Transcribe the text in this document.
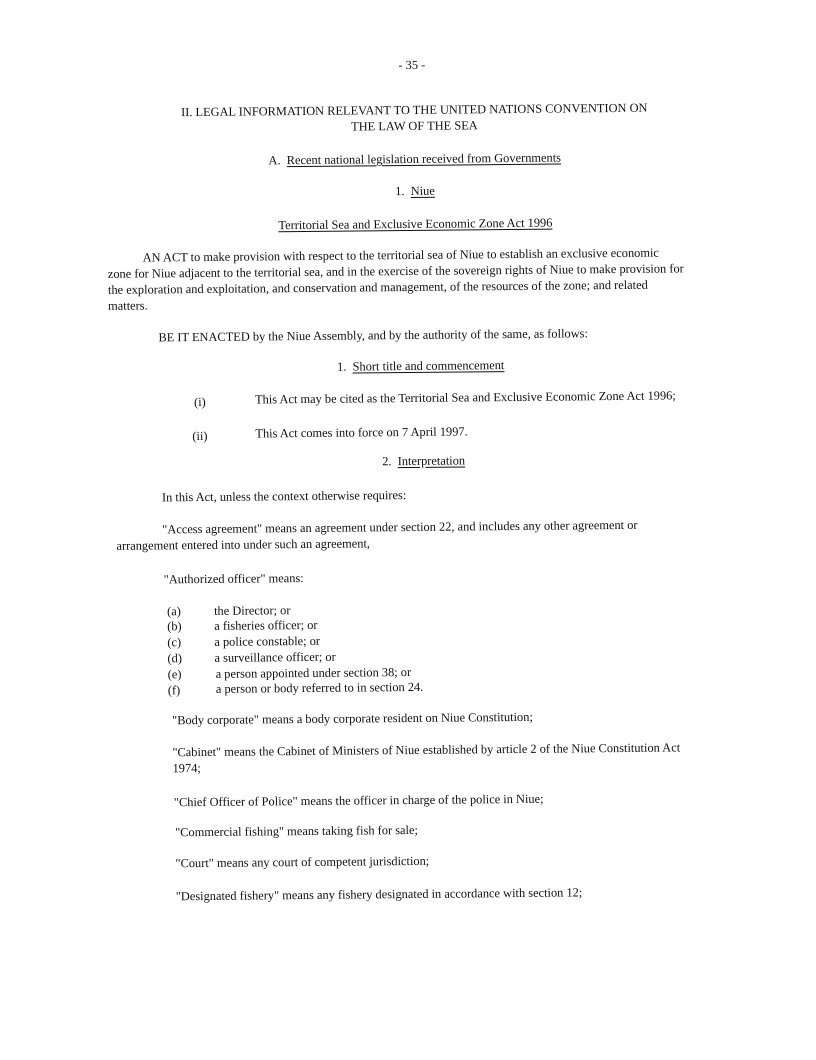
- 35 -
II. LEGAL INFORMATION RELEVANT TO THE UNITED NATIONS CONVENTION ON
THE LAW OF THE SEA
A. Recent national legislation received from Governments
1. Niue
Territorial Sea and Exclusive Economic Zone Act 1996
AN ACT to make provision with respect to the territorial sea of Niue to establish an exclusive economic
zone for Niue adjacent to the territorial sea, and in the exercise of the sovereign rights of Niue to make provision for
the exploration and exploitation, and conservation and management, of the resources of the zone; and related
matters.
BE IT ENACTED by the Niue Assembly, and by the authority of the same, as follows:
1. Short title and commencement
(i)	This Act may be cited as the Territorial Sea and Exclusive Economic Zone Act 1996;
(ii)	This Act comes into force on 7 April 1997.
2. Interpretation
In this Act, unless the context otherwise requires:
"Access agreement" means an agreement under section 22, and includes any other agreement or
arrangement entered into under such an agreement,
"Authorized officer" means:
(a)	the Director; or
(b)	a fisheries officer; or
(c)	a police constable; or
(d)	a surveillance officer; or
(e)	a person appointed under section 38; or
(f)	a person or body referred to in section 24.
"Body corporate" means a body corporate resident on Niue Constitution;
"Cabinet" means the Cabinet of Ministers of Niue established by article 2 of the Niue Constitution Act
1974;
"Chief Officer of Police" means the officer in charge of the police in Niue;
"Commercial fishing" means taking fish for sale;
"Court" means any court of competent jurisdiction;
"Designated fishery" means any fishery designated in accordance with section 12;
